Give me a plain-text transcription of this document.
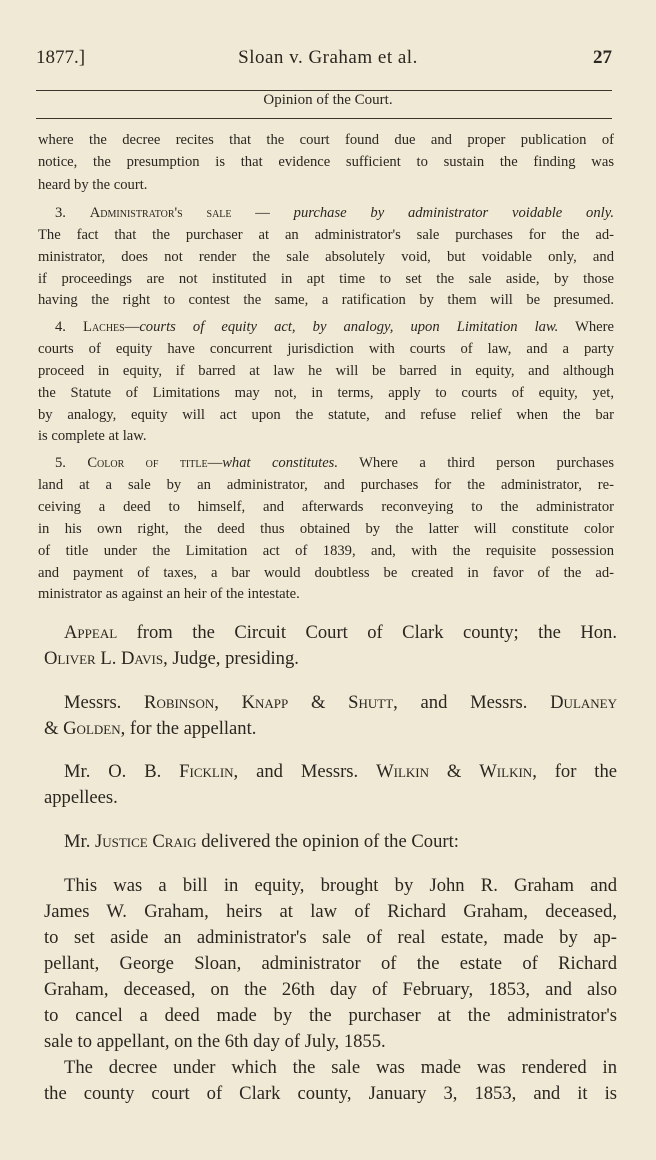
1877.]	Sloan v. Graham et al.	27
Opinion of the Court.
where the decree recites that the court found due and proper publication of
notice, the presumption is that evidence sufficient to sustain the finding was
heard by the court.
3. Administrator's sale — purchase by administrator voidable only.
The fact that the purchaser at an administrator's sale purchases for the ad-
ministrator, does not render the sale absolutely void, but voidable only, and
if proceedings are not instituted in apt time to set the sale aside, by those
having the right to contest the same, a ratification by them will be presumed.
4. Laches—courts of equity act, by analogy, upon Limitation law. Where
courts of equity have concurrent jurisdiction with courts of law, and a party
proceed in equity, if barred at law he will be barred in equity, and although
the Statute of Limitations may not, in terms, apply to courts of equity, yet,
by analogy, equity will act upon the statute, and refuse relief when the bar
is complete at law.
5. Color of title—what constitutes. Where a third person purchases
land at a sale by an administrator, and purchases for the administrator, re-
ceiving a deed to himself, and afterwards reconveying to the administrator
in his own right, the deed thus obtained by the latter will constitute color
of title under the Limitation act of 1839, and, with the requisite possession
and payment of taxes, a bar would doubtless be created in favor of the ad-
ministrator as against an heir of the intestate.
Appeal from the Circuit Court of Clark county; the Hon.
Oliver L. Davis, Judge, presiding.
Messrs. Robinson, Knapp & Shutt, and Messrs. Dulaney
& Golden, for the appellant.
Mr. O. B. Ficklin, and Messrs. Wilkin & Wilkin, for the
appellees.
Mr. Justice Craig delivered the opinion of the Court:
This was a bill in equity, brought by John R. Graham and
James W. Graham, heirs at law of Richard Graham, deceased,
to set aside an administrator's sale of real estate, made by ap-
pellant, George Sloan, administrator of the estate of Richard
Graham, deceased, on the 26th day of February, 1853, and also
to cancel a deed made by the purchaser at the administrator's
sale to appellant, on the 6th day of July, 1855.
The decree under which the sale was made was rendered in
the county court of Clark county, January 3, 1853, and it is
